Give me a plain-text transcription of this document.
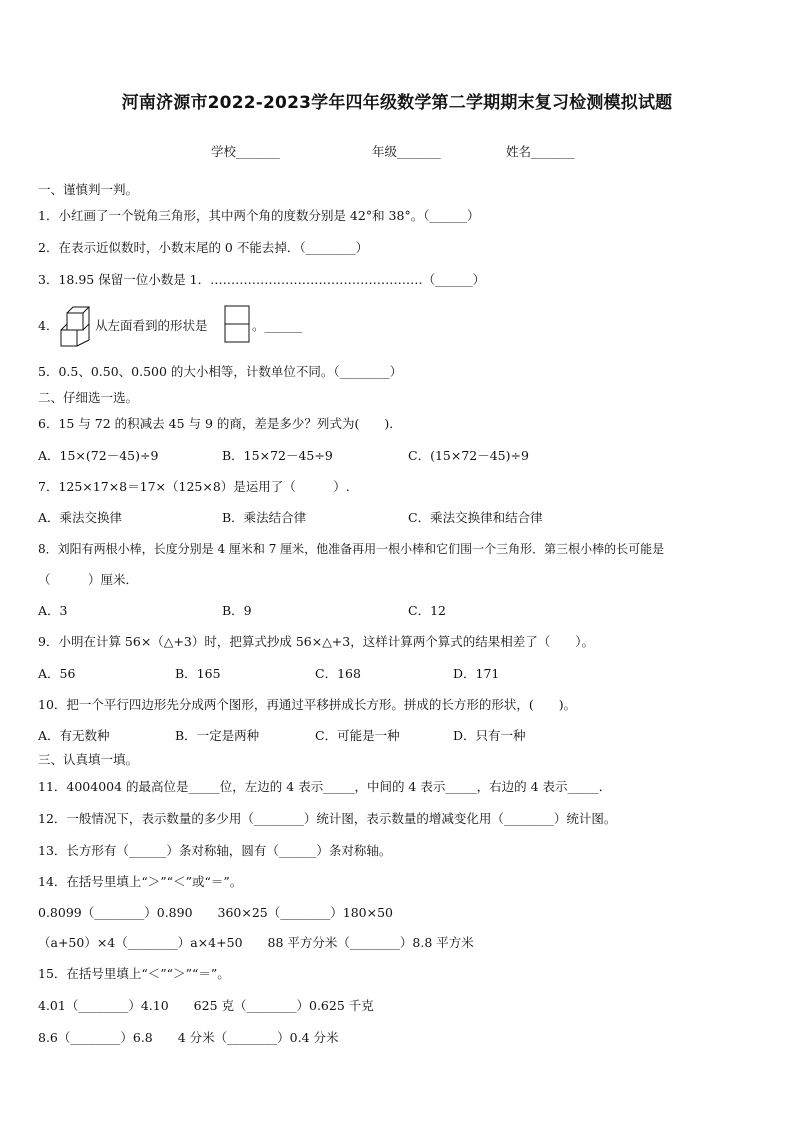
河南济源市2022-2023学年四年级数学第二学期期末复习检测模拟试题
学校_______	年级_______	姓名_______
一、谨慎判一判。
1．小红画了一个锐角三角形，其中两个角的度数分别是 42°和 38°。（______）
2．在表示近似数时，小数末尾的 0 不能去掉．（________）
3．18.95 保留一位小数是 1．……………………………………………（______）
4．	从左面看到的形状是	。______
5．0.5、0.50、0.500 的大小相等，计数单位不同。（________）
二、仔细选一选。
6．15 与 72 的积减去 45 与 9 的商，差是多少？列式为(　　)．
A．15×(72－45)÷9	B．15×72－45÷9	C．(15×72－45)÷9
7．125×17×8＝17×（125×8）是运用了（　　　）.
A．乘法交换律	B．乘法结合律	C．乘法交换律和结合律
8．刘阳有两根小棒，长度分别是 4 厘米和 7 厘米，他准备再用一根小棒和它们围一个三角形．第三根小棒的长可能是
（　　　）厘米．
A．3	B．9	C．12
9．小明在计算 56×（△+3）时，把算式抄成 56×△+3，这样计算两个算式的结果相差了（　　）。
A．56	B．165	C．168	D．171
10．把一个平行四边形先分成两个图形，再通过平移拼成长方形。拼成的长方形的形状，(　　)。
A．有无数种	B．一定是两种	C．可能是一种	D．只有一种
三、认真填一填。
11．4004004 的最高位是_____位，左边的 4 表示_____，中间的 4 表示_____，右边的 4 表示_____．
12．一般情况下，表示数量的多少用（________）统计图，表示数量的增减变化用（________）统计图。
13．长方形有（______）条对称轴，圆有（______）条对称轴。
14．在括号里填上“＞”“＜”或“＝”。
0.8099（________）0.890　　360×25（________）180×50
（a+50）×4（________）a×4+50　　88 平方分米（________）8.8 平方米
15．在括号里填上“＜”“＞”“＝”。
4.01（________）4.10　　625 克（________）0.625 千克
8.6（________）6.8　　4 分米（________）0.4 分米
